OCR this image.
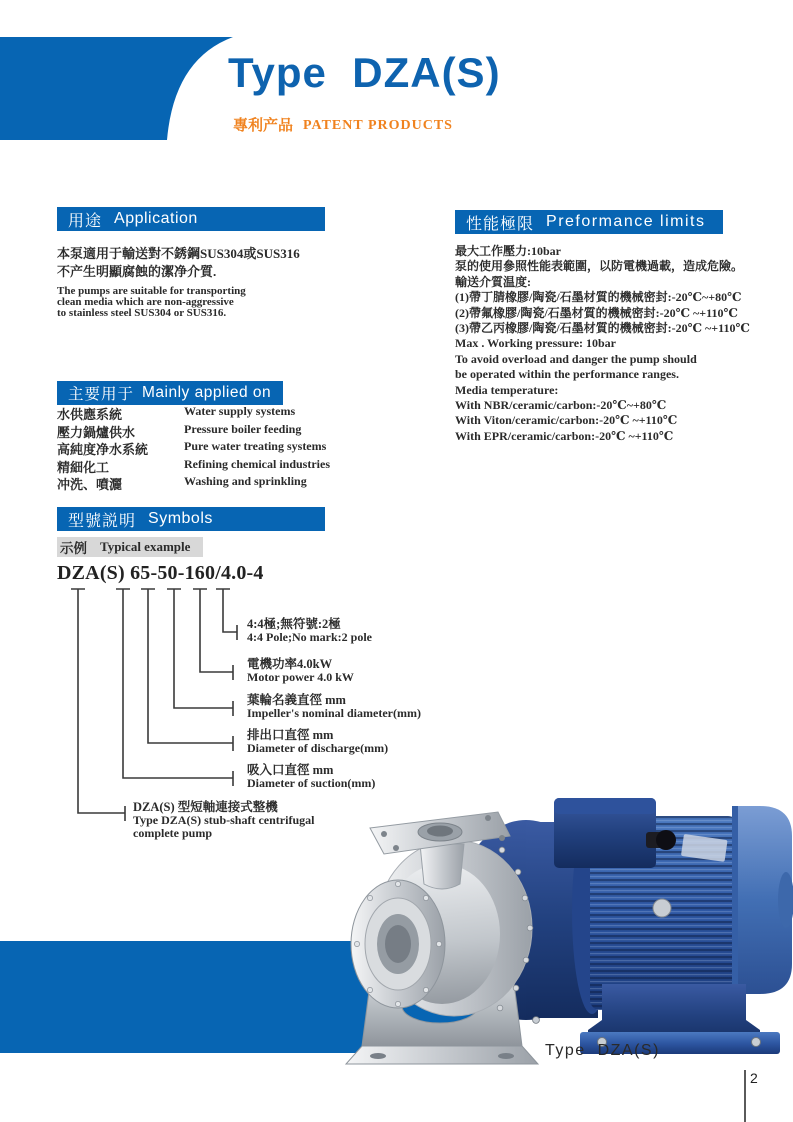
Type  DZA(S)
專利产品 PATENT PRODUCTS
用途 Application
本泵適用于輸送對不銹鋼SUS304或SUS316
不产生明顯腐蝕的潔净介質.
The pumps are suitable for transporting
clean media which are non-aggressive
to stainless steel SUS304 or SUS316.
性能極限 Preformance limits
最大工作壓力:10bar
泵的使用參照性能表範圍，以防電機過載，造成危險。
輸送介質温度:
(1)帶丁腈橡膠/陶瓷/石墨材質的機械密封:-20℃~+80℃
(2)帶氟橡膠/陶瓷/石墨材質的機械密封:-20℃ ~+110℃
(3)帶乙丙橡膠/陶瓷/石墨材質的機械密封:-20℃ ~+110℃
Max . Working pressure: 10bar
To avoid overload and danger the pump should
be operated within the performance ranges.
Media temperature:
With NBR/ceramic/carbon:-20℃~+80℃
With Viton/ceramic/carbon:-20℃ ~+110℃
With EPR/ceramic/carbon:-20℃ ~+110℃
主要用于 Mainly applied on
水供應系統	Water supply systems
壓力鍋爐供水	Pressure boiler feeding
高純度净水系統	Pure water treating systems
精細化工	Refining chemical industries
冲洗、噴灑	Washing and sprinkling
型號説明 Symbols
示例 Typical example
DZA(S) 65-50-160/4.0-4
4:4極;無符號:2極
4:4 Pole;No mark:2 pole
電機功率4.0kW
Motor power 4.0 kW
葉輪名義直徑 mm
Impeller's nominal diameter(mm)
排出口直徑 mm
Diameter of discharge(mm)
吸入口直徑 mm
Diameter of suction(mm)
DZA(S) 型短軸連接式整機
Type DZA(S) stub-shaft centrifugal
complete pump
Type  DZA(S)
2
